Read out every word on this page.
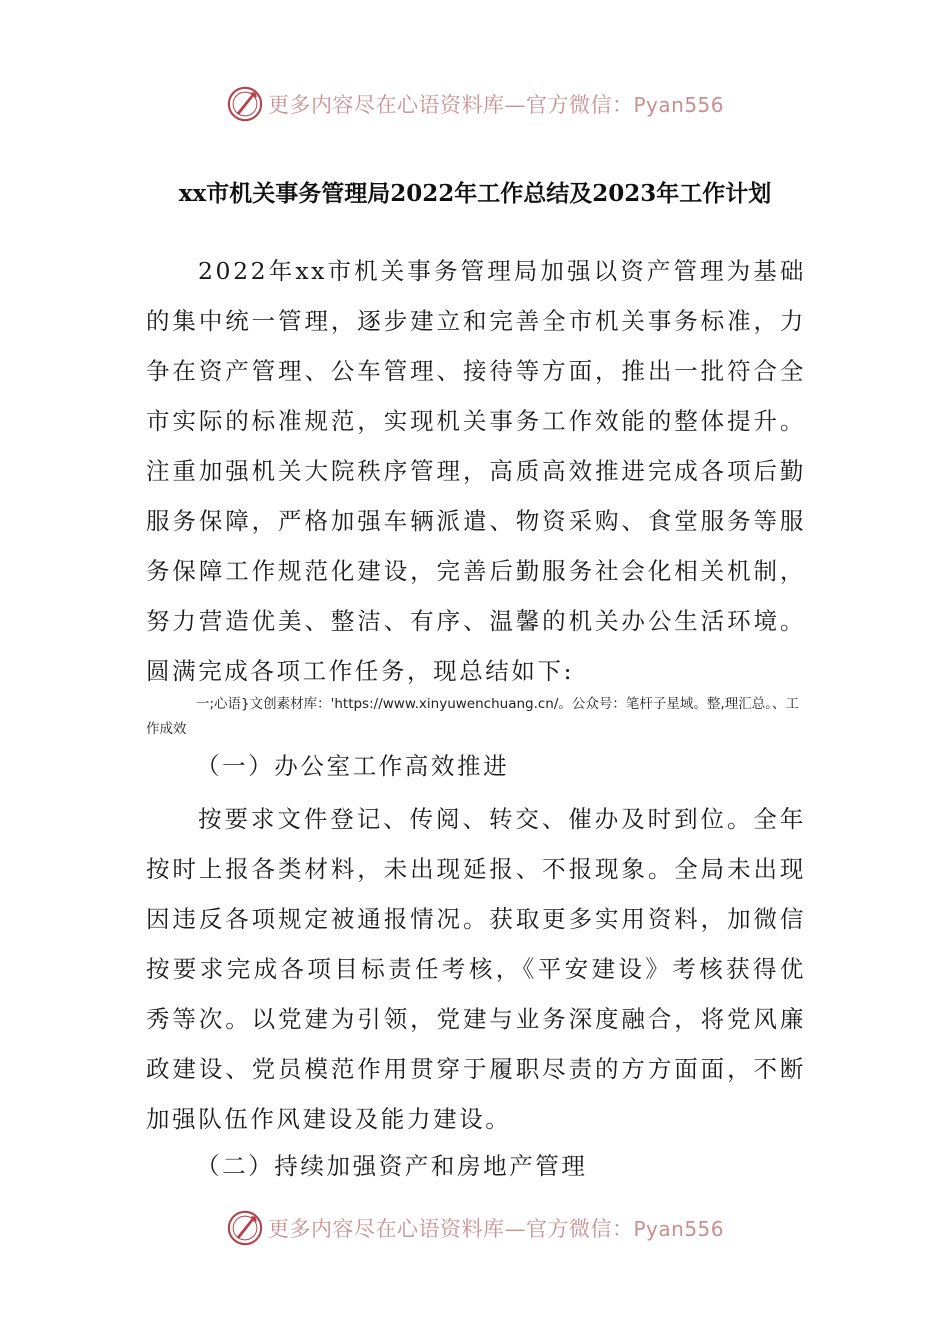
更多内容尽在心语资料库—官方微信：Pyan556
xx市机关事务管理局2022年工作总结及2023年工作计划

2022年xx市机关事务管理局加强以资产管理为基础的集中统一管理，逐步建立和完善全市机关事务标准，力争在资产管理、公车管理、接待等方面，推出一批符合全市实际的标准规范，实现机关事务工作效能的整体提升。注重加强机关大院秩序管理，高质高效推进完成各项后勤服务保障，严格加强车辆派遣、物资采购、食堂服务等服务保障工作规范化建设，完善后勤服务社会化相关机制，努力营造优美、整洁、有序、温馨的机关办公生活环境。圆满完成各项工作任务，现总结如下:

一;心语}文创素材库：'https://www.xinyuwenchuang.cn/。公众号：笔杆子星域。整,理汇总。、工作成效

（一）办公室工作高效推进

按要求文件登记、传阅、转交、催办及时到位。全年按时上报各类材料，未出现延报、不报现象。全局未出现因违反各项规定被通报情况。获取更多实用资料，加微信按要求完成各项目标责任考核，《平安建设》考核获得优秀等次。以党建为引领，党建与业务深度融合，将党风廉政建设、党员模范作用贯穿于履职尽责的方方面面，不断加强队伍作风建设及能力建设。

（二）持续加强资产和房地产管理

更多内容尽在心语资料库—官方微信：Pyan556
